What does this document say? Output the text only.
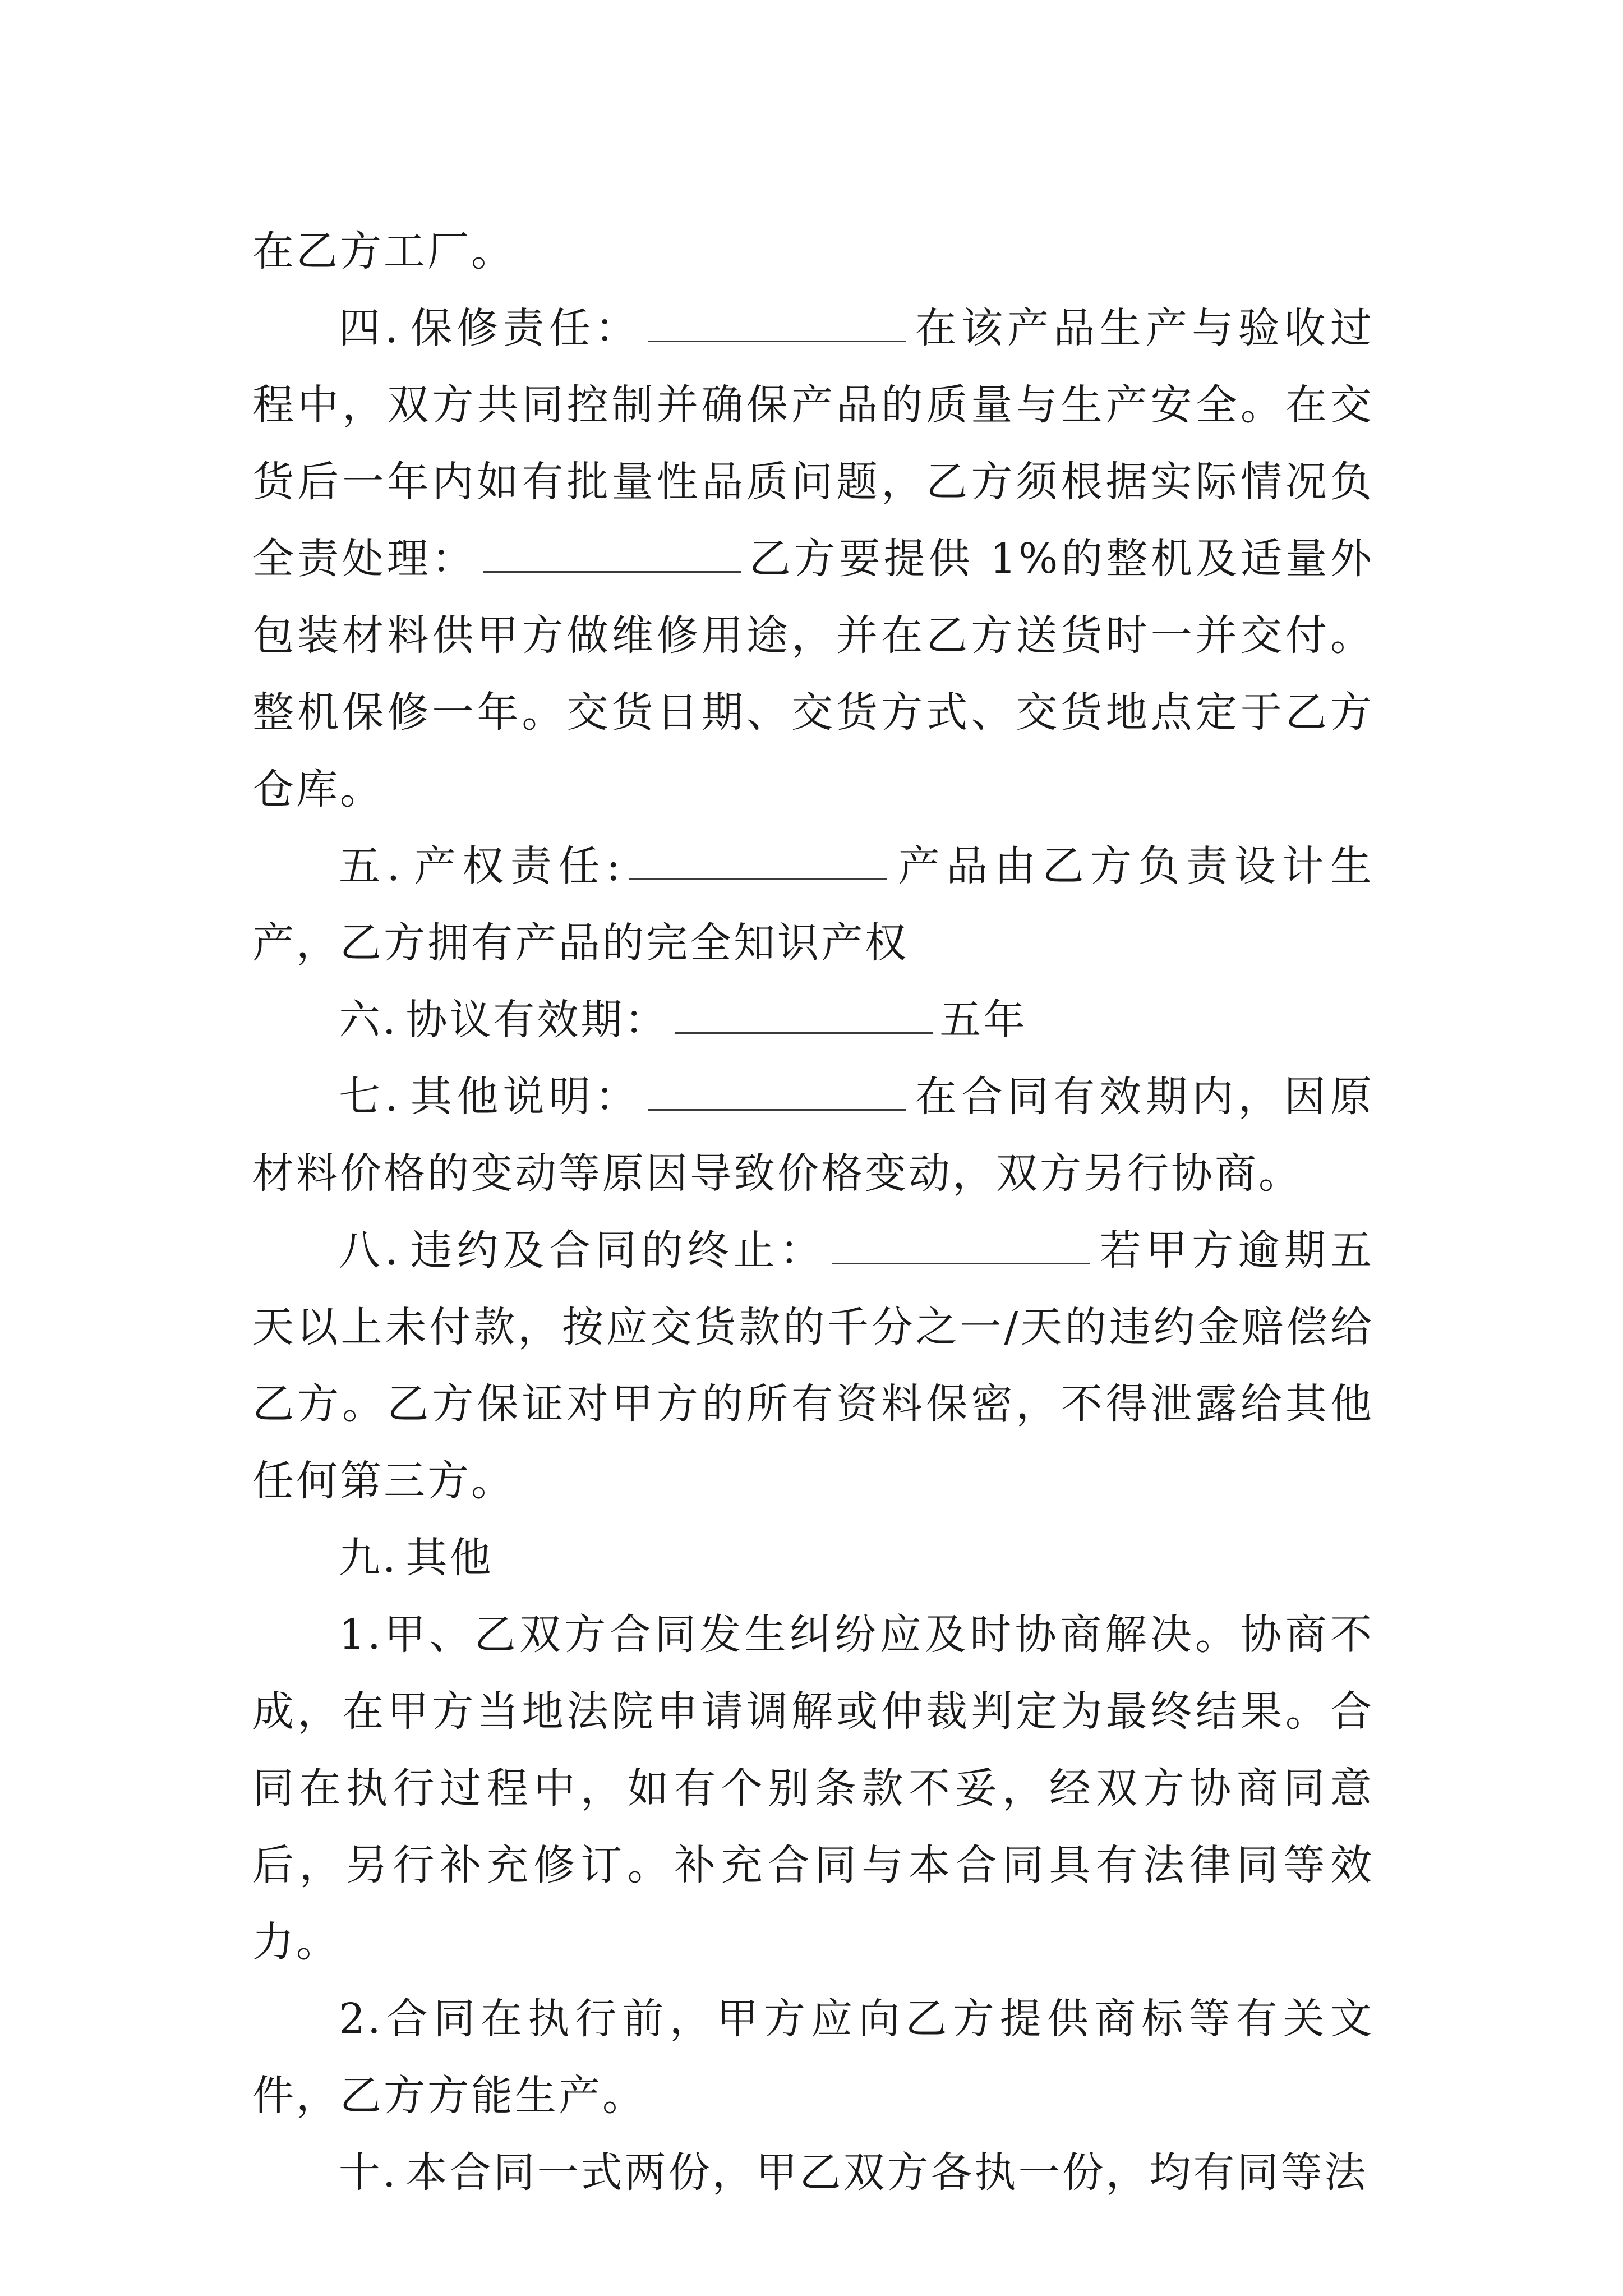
在乙方工厂。

四. 保修责任：	在该产品生产与验收过程中，双方共同控制并确保产品的质量与生产安全。在交货后一年内如有批量性品质问题，乙方须根据实际情况负全责处理：	乙方要提供 1%的整机及适量外包装材料供甲方做维修用途，并在乙方送货时一并交付。整机保修一年。交货日期、交货方式、交货地点定于乙方仓库。

五. 产权责任:	产品由乙方负责设计生产，乙方拥有产品的完全知识产权

六. 协议有效期：	五年

七. 其他说明：	在合同有效期内，因原材料价格的变动等原因导致价格变动，双方另行协商。

八. 违约及合同的终止：	若甲方逾期五天以上未付款，按应交货款的千分之一/天的违约金赔偿给乙方。乙方保证对甲方的所有资料保密，不得泄露给其他任何第三方。

九. 其他

1.甲、乙双方合同发生纠纷应及时协商解决。协商不成，在甲方当地法院申请调解或仲裁判定为最终结果。合同在执行过程中，如有个别条款不妥，经双方协商同意后，另行补充修订。补充合同与本合同具有法律同等效力。

2.合同在执行前，甲方应向乙方提供商标等有关文件，乙方方能生产。

十. 本合同一式两份，甲乙双方各执一份，均有同等法
